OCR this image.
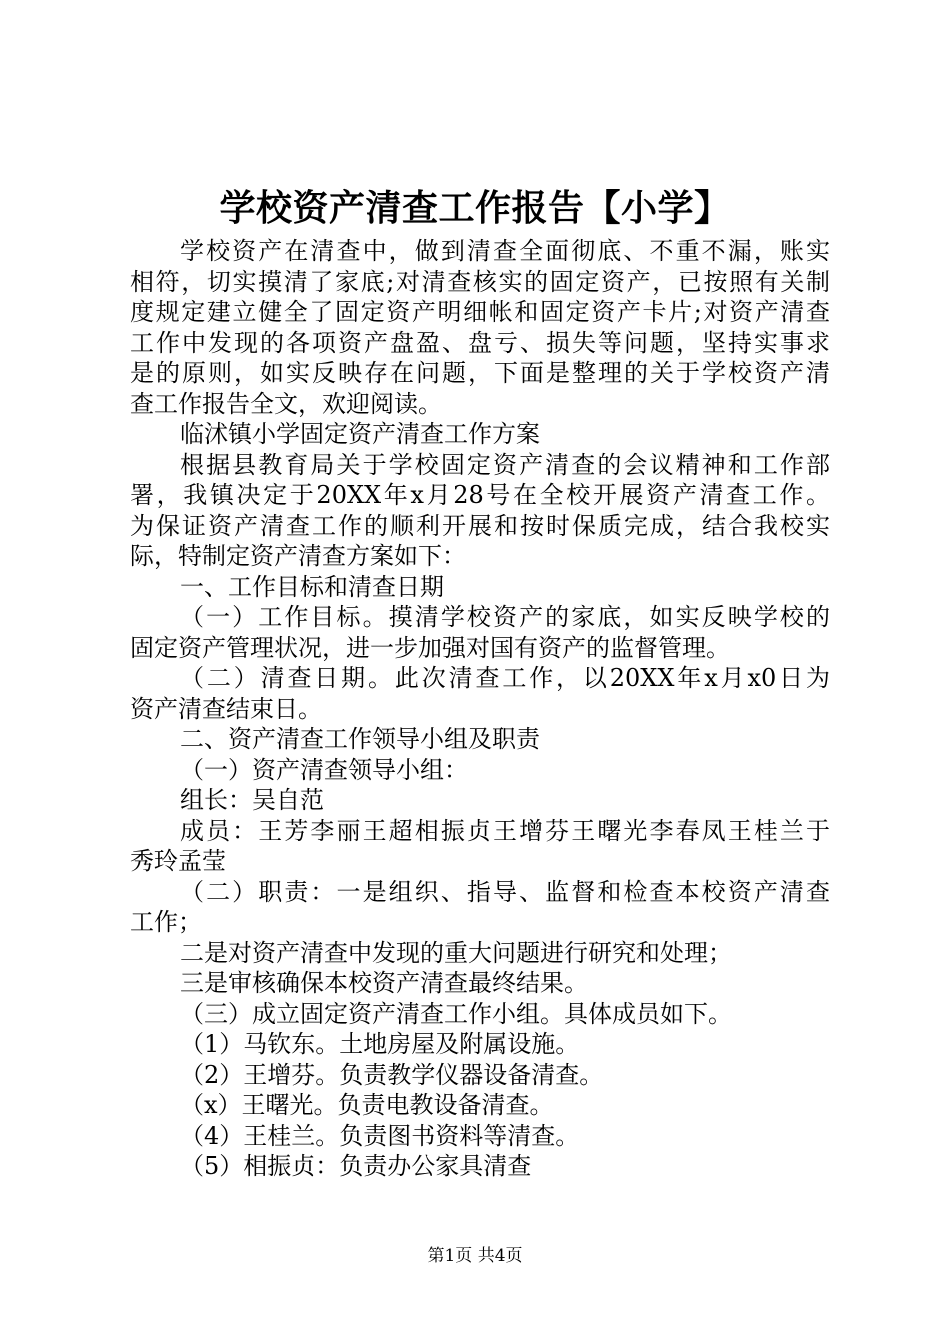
学校资产清查工作报告【小学】
学校资产在清查中，做到清查全面彻底、不重不漏，账实
相符，切实摸清了家底;对清查核实的固定资产，已按照有关制
度规定建立健全了固定资产明细帐和固定资产卡片;对资产清查
工作中发现的各项资产盘盈、盘亏、损失等问题，坚持实事求
是的原则，如实反映存在问题，下面是整理的关于学校资产清
查工作报告全文，欢迎阅读。
临沭镇小学固定资产清查工作方案
根据县教育局关于学校固定资产清查的会议精神和工作部
署，我镇决定于20XX年x月28号在全校开展资产清查工作。
为保证资产清查工作的顺利开展和按时保质完成，结合我校实
际，特制定资产清查方案如下：
一、工作目标和清查日期
（一）工作目标。摸清学校资产的家底，如实反映学校的
固定资产管理状况，进一步加强对国有资产的监督管理。
（二）清查日期。此次清查工作，以20XX年x月x0日为
资产清查结束日。
二、资产清查工作领导小组及职责
（一）资产清查领导小组：
组长：吴自范
成员：王芳李丽王超相振贞王增芬王曙光李春凤王桂兰于
秀玲孟莹
（二）职责：一是组织、指导、监督和检查本校资产清查
工作；
二是对资产清查中发现的重大问题进行研究和处理；
三是审核确保本校资产清查最终结果。
（三）成立固定资产清查工作小组。具体成员如下。
（1）马钦东。土地房屋及附属设施。
（2）王增芬。负责教学仪器设备清查。
（x）王曙光。负责电教设备清查。
（4）王桂兰。负责图书资料等清查。
（5）相振贞：负责办公家具清查
第1页 共4页
